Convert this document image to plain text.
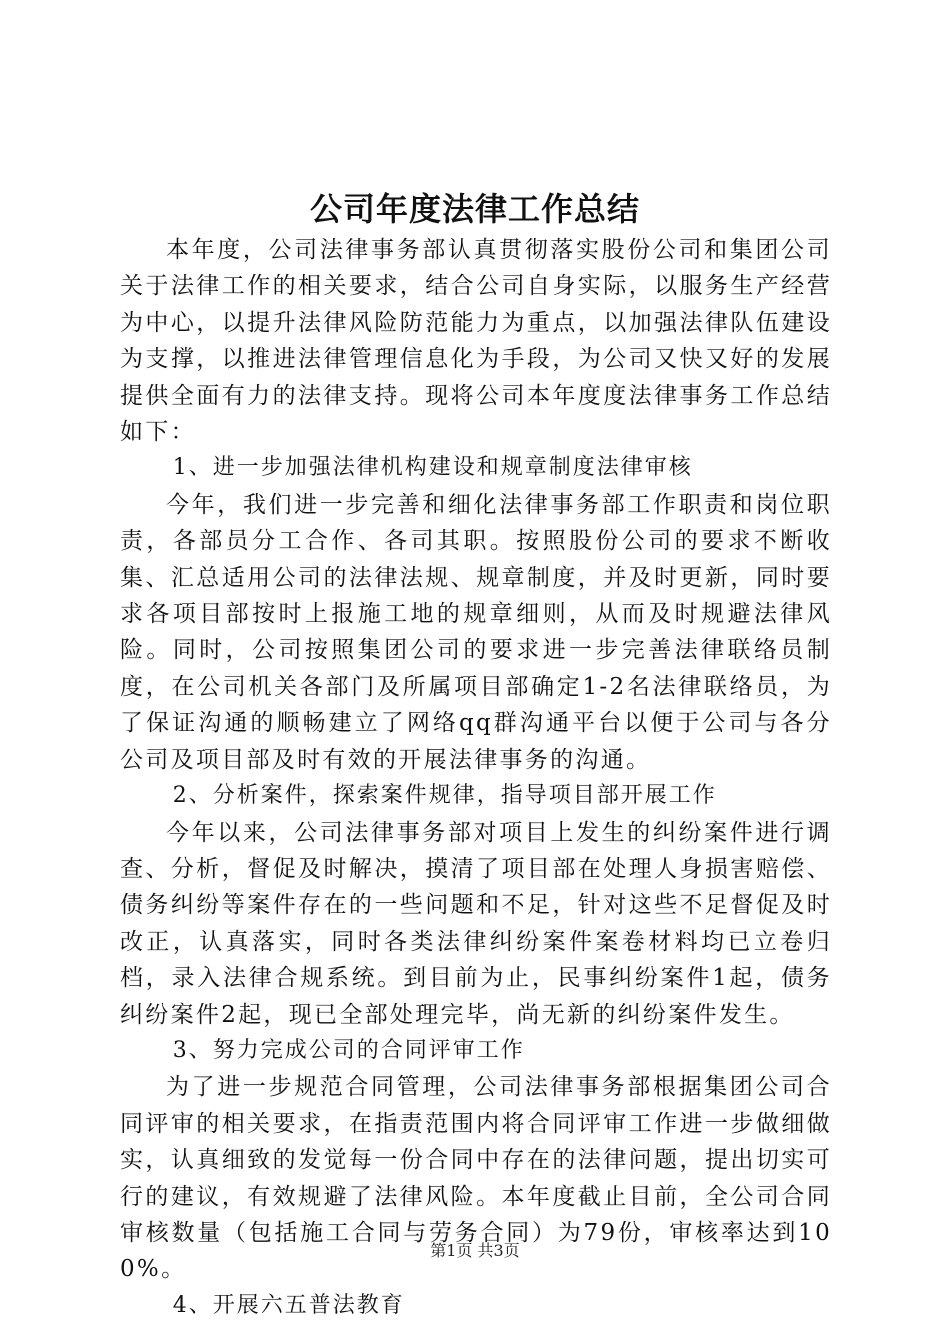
公司年度法律工作总结

本年度，公司法律事务部认真贯彻落实股份公司和集团公司关于法律工作的相关要求，结合公司自身实际，以服务生产经营为中心，以提升法律风险防范能力为重点，以加强法律队伍建设为支撑，以推进法律管理信息化为手段，为公司又快又好的发展提供全面有力的法律支持。现将公司本年度度法律事务工作总结如下：

1、进一步加强法律机构建设和规章制度法律审核

今年，我们进一步完善和细化法律事务部工作职责和岗位职责，各部员分工合作、各司其职。按照股份公司的要求不断收集、汇总适用公司的法律法规、规章制度，并及时更新，同时要求各项目部按时上报施工地的规章细则，从而及时规避法律风险。同时，公司按照集团公司的要求进一步完善法律联络员制度，在公司机关各部门及所属项目部确定1-2名法律联络员，为了保证沟通的顺畅建立了网络qq群沟通平台以便于公司与各分公司及项目部及时有效的开展法律事务的沟通。

2、分析案件，探索案件规律，指导项目部开展工作

今年以来，公司法律事务部对项目上发生的纠纷案件进行调查、分析，督促及时解决，摸清了项目部在处理人身损害赔偿、债务纠纷等案件存在的一些问题和不足，针对这些不足督促及时改正，认真落实，同时各类法律纠纷案件案卷材料均已立卷归档，录入法律合规系统。到目前为止，民事纠纷案件1起，债务纠纷案件2起，现已全部处理完毕，尚无新的纠纷案件发生。

3、努力完成公司的合同评审工作

为了进一步规范合同管理，公司法律事务部根据集团公司合同评审的相关要求，在指责范围内将合同评审工作进一步做细做实，认真细致的发觉每一份合同中存在的法律问题，提出切实可行的建议，有效规避了法律风险。本年度截止目前，全公司合同审核数量（包括施工合同与劳务合同）为79份，审核率达到100%。

4、开展六五普法教育

第1页 共3页
